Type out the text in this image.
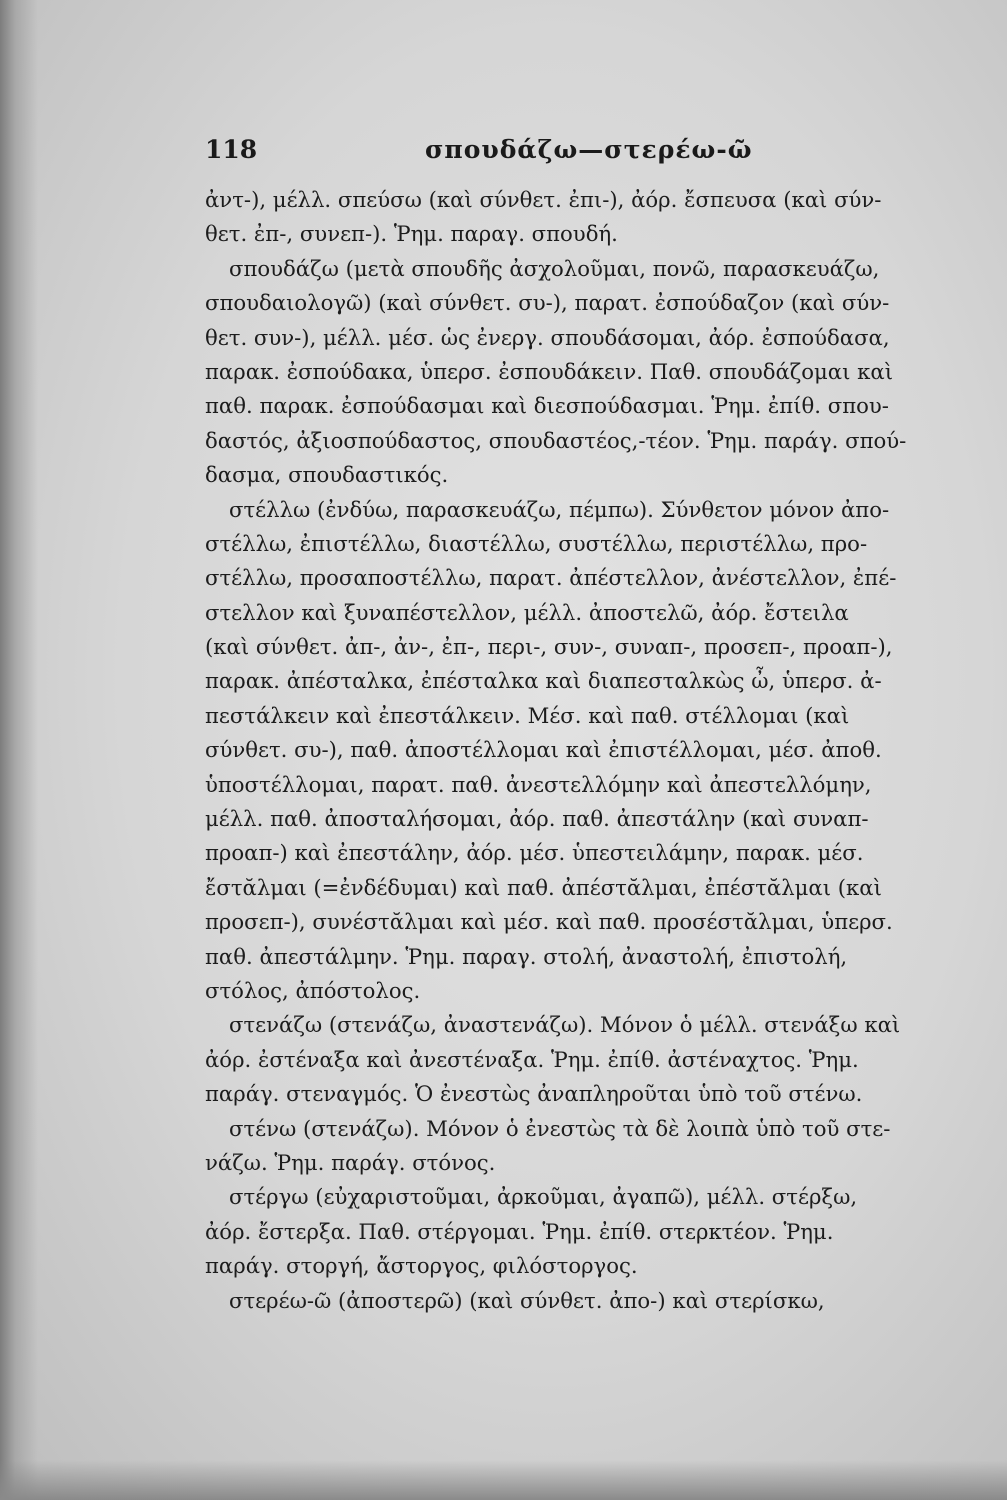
118	σπουδάζω—στερέω-ῶ
ἀντ-), μέλλ. σπεύσω (καὶ σύνθετ. ἐπι-), ἀόρ. ἔσπευσα (καὶ σύν-
θετ. ἐπ-, συνεπ-). Ῥημ. παραγ. σπουδή.
σπουδάζω (μετὰ σπουδῆς ἀσχολοῦμαι, πονῶ, παρασκευάζω,
σπουδαιολογῶ) (καὶ σύνθετ. συ-), παρατ. ἐσπούδαζον (καὶ σύν-
θετ. συν-), μέλλ. μέσ. ὡς ἐνεργ. σπουδάσομαι, ἀόρ. ἐσπούδασα,
παρακ. ἐσπούδακα, ὑπερσ. ἐσπουδάκειν. Παθ. σπουδάζομαι καὶ
παθ. παρακ. ἐσπούδασμαι καὶ διεσπούδασμαι. Ῥημ. ἐπίθ. σπου-
δαστός, ἀξιοσπούδαστος, σπουδαστέος,-τέον. Ῥημ. παράγ. σπού-
δασμα, σπουδαστικός.
στέλλω (ἐνδύω, παρασκευάζω, πέμπω). Σύνθετον μόνον ἀπο-
στέλλω, ἐπιστέλλω, διαστέλλω, συστέλλω, περιστέλλω, προ-
στέλλω, προσαποστέλλω, παρατ. ἀπέστελλον, ἀνέστελλον, ἐπέ-
στελλον καὶ ξυναπέστελλον, μέλλ. ἀποστελῶ, ἀόρ. ἔστειλα
(καὶ σύνθετ. ἀπ-, ἀν-, ἐπ-, περι-, συν-, συναπ-, προσεπ-, προαπ-),
παρακ. ἀπέσταλκα, ἐπέσταλκα καὶ διαπεσταλκὼς ὦ, ὑπερσ. ἀ-
πεστάλκειν καὶ ἐπεστάλκειν. Μέσ. καὶ παθ. στέλλομαι (καὶ
σύνθετ. συ-), παθ. ἀποστέλλομαι καὶ ἐπιστέλλομαι, μέσ. ἀποθ.
ὑποστέλλομαι, παρατ. παθ. ἀνεστελλόμην καὶ ἀπεστελλόμην,
μέλλ. παθ. ἀποσταλήσομαι, ἀόρ. παθ. ἀπεστάλην (καὶ συναπ-
προαπ-) καὶ ἐπεστάλην, ἀόρ. μέσ. ὑπεστειλάμην, παρακ. μέσ.
ἔστᾰλμαι (=ἐνδέδυμαι) καὶ παθ. ἀπέστᾰλμαι, ἐπέστᾰλμαι (καὶ
προσεπ-), συνέστᾰλμαι καὶ μέσ. καὶ παθ. προσέστᾰλμαι, ὑπερσ.
παθ. ἀπεστάλμην. Ῥημ. παραγ. στολή, ἀναστολή, ἐπιστολή,
στόλος, ἀπόστολος.
στενάζω (στενάζω, ἀναστενάζω). Μόνον ὁ μέλλ. στενάξω καὶ
ἀόρ. ἐστέναξα καὶ ἀνεστέναξα. Ῥημ. ἐπίθ. ἀστέναχτος. Ῥημ.
παράγ. στεναγμός. Ὁ ἐνεστὼς ἀναπληροῦται ὑπὸ τοῦ στένω.
στένω (στενάζω). Μόνον ὁ ἐνεστὼς τὰ δὲ λοιπὰ ὑπὸ τοῦ στε-
νάζω. Ῥημ. παράγ. στόνος.
στέργω (εὐχαριστοῦμαι, ἀρκοῦμαι, ἀγαπῶ), μέλλ. στέρξω,
ἀόρ. ἔστερξα. Παθ. στέργομαι. Ῥημ. ἐπίθ. στερκτέον. Ῥημ.
παράγ. στοργή, ἄστοργος, φιλόστοργος.
στερέω-ῶ (ἀποστερῶ) (καὶ σύνθετ. ἀπο-) καὶ στερίσκω,
